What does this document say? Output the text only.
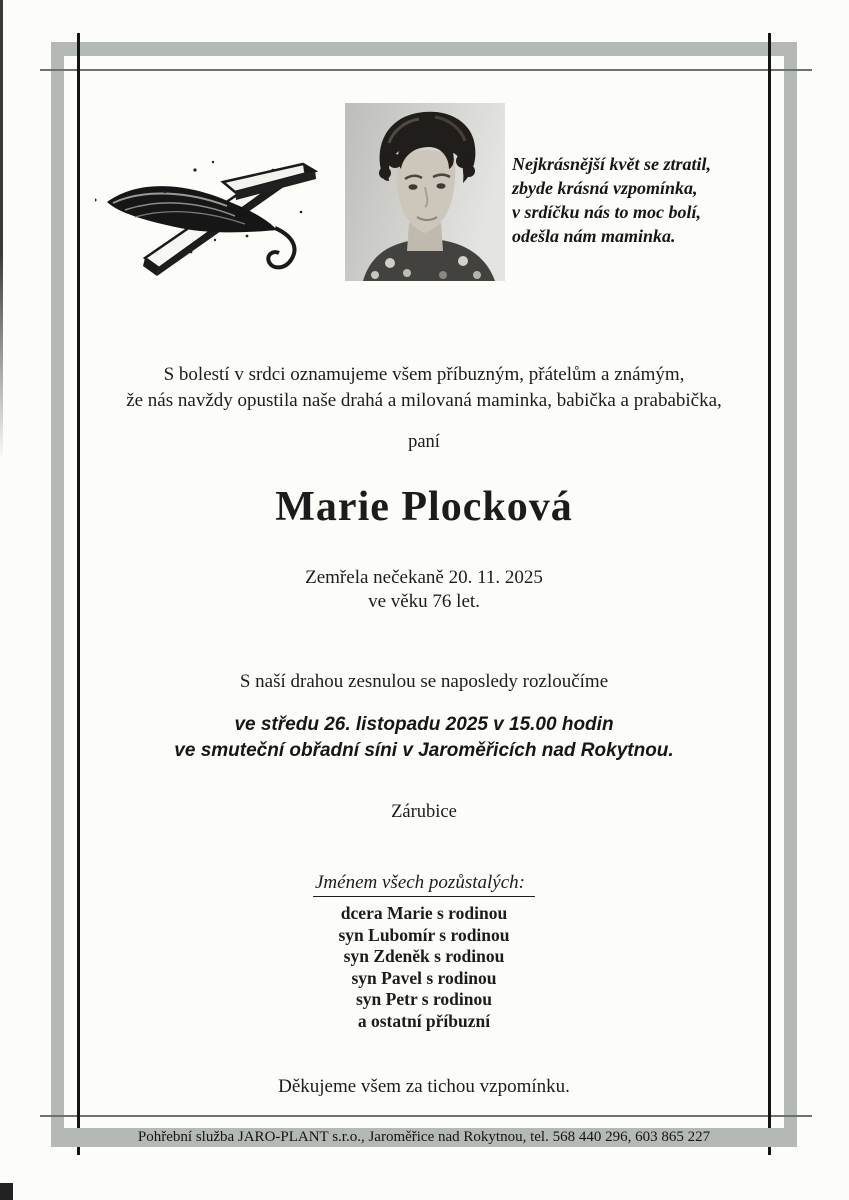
Nejkrásnější květ se ztratil,
zbyde krásná vzpomínka,
v srdíčku nás to moc bolí,
odešla nám maminka.
S bolestí v srdci oznamujeme všem příbuzným, přátelům a známým,
že nás navždy opustila naše drahá a milovaná maminka, babička a prababička,
paní
Marie Plocková
Zemřela nečekaně 20. 11. 2025
ve věku 76 let.
S naší drahou zesnulou se naposledy rozloučíme
ve středu 26. listopadu 2025 v 15.00 hodin
ve smuteční obřadní síni v Jaroměřicích nad Rokytnou.
Zárubice
Jménem všech pozůstalých:
dcera Marie s rodinou
syn Lubomír s rodinou
syn Zdeněk s rodinou
syn Pavel s rodinou
syn Petr s rodinou
a ostatní příbuzní
Děkujeme všem za tichou vzpomínku.
Pohřební služba JARO-PLANT s.r.o., Jaroměřice nad Rokytnou, tel. 568 440 296, 603 865 227
